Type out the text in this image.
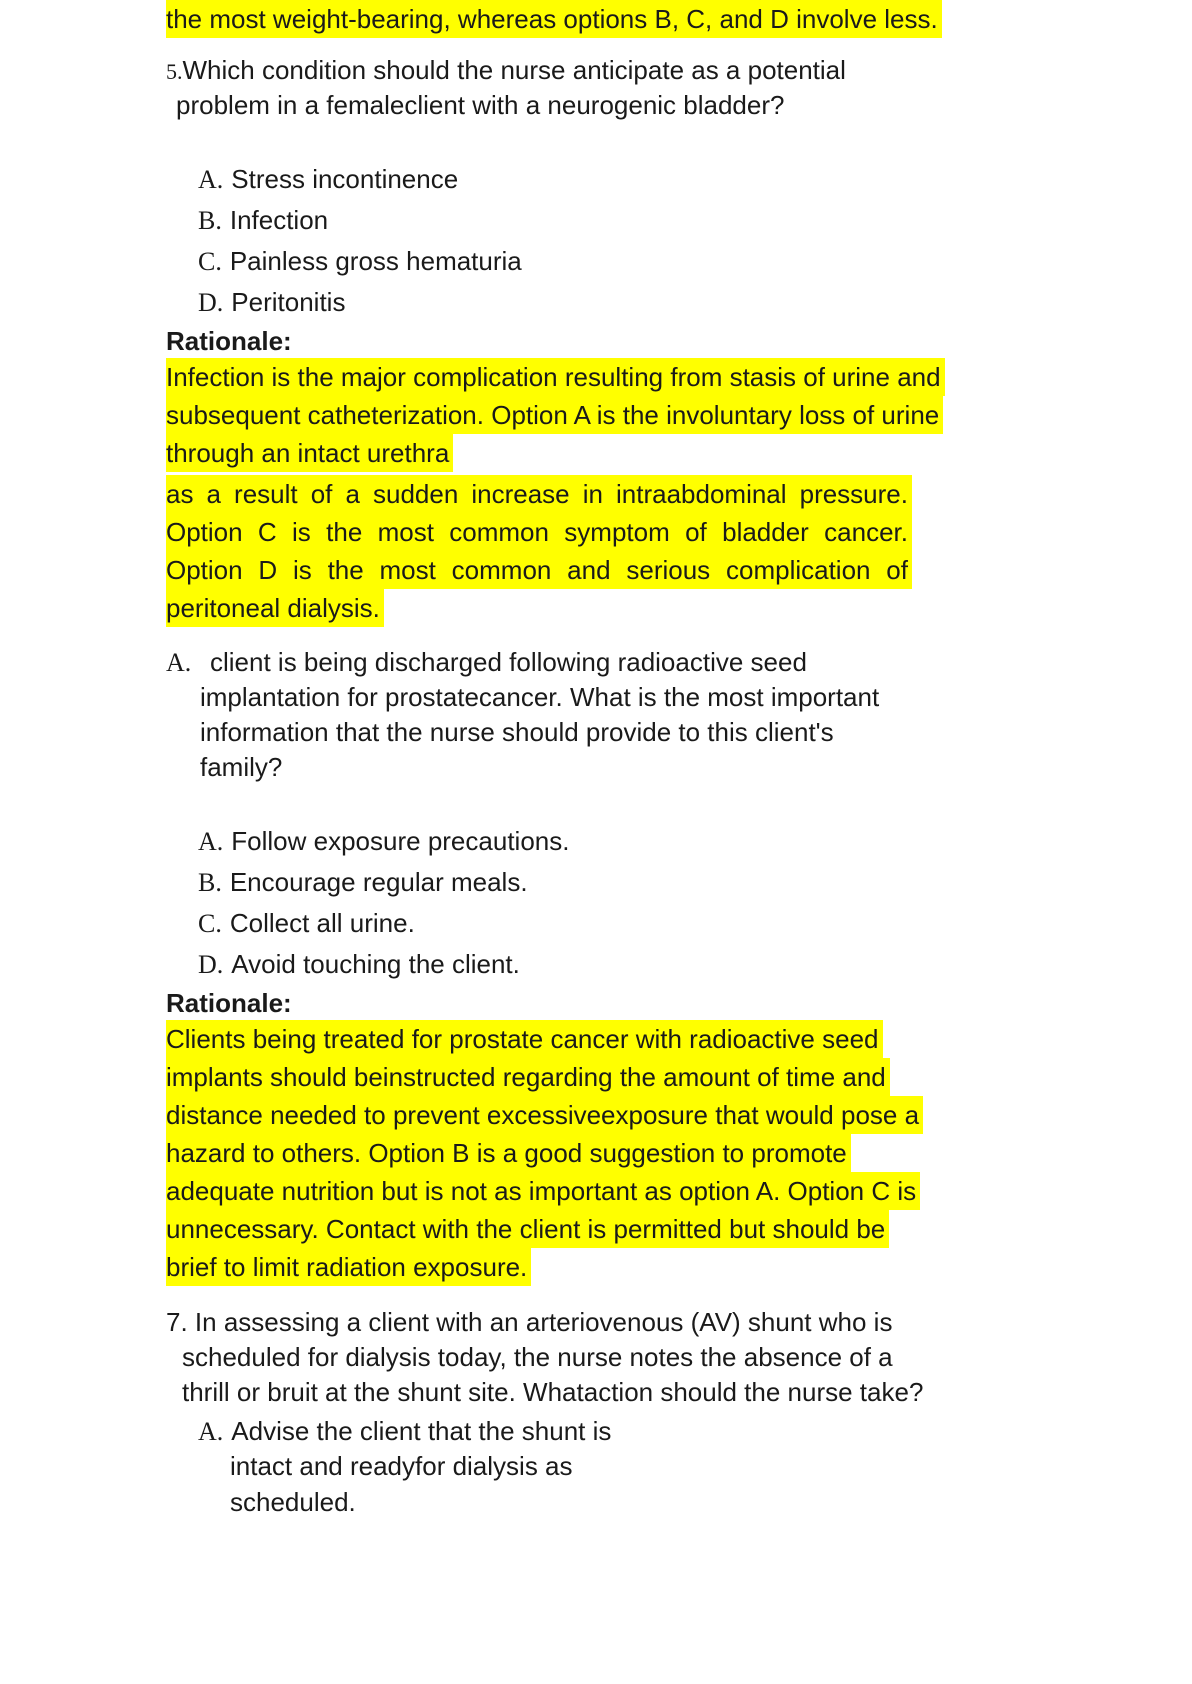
the most weight-bearing, whereas options B, C, and D involve less.
5.Which condition should the nurse anticipate as a potential
problem in a femaleclient with a neurogenic bladder?
A. Stress incontinence
B. Infection
C. Painless gross hematuria
D. Peritonitis
Rationale:
Infection is the major complication resulting from stasis of urine and
subsequent catheterization. Option A is the involuntary loss of urine
through an intact urethra
as a result of a sudden increase in intraabdominal pressure.
Option C is the most common symptom of bladder cancer.
Option D is the most common and serious complication of
peritoneal dialysis.
A. client is being discharged following radioactive seed
implantation for prostatecancer. What is the most important
information that the nurse should provide to this client's
family?
A. Follow exposure precautions.
B. Encourage regular meals.
C. Collect all urine.
D. Avoid touching the client.
Rationale:
Clients being treated for prostate cancer with radioactive seed
implants should beinstructed regarding the amount of time and
distance needed to prevent excessiveexposure that would pose a
hazard to others. Option B is a good suggestion to promote
adequate nutrition but is not as important as option A. Option C is
unnecessary. Contact with the client is permitted but should be
brief to limit radiation exposure.
7. In assessing a client with an arteriovenous (AV) shunt who is
scheduled for dialysis today, the nurse notes the absence of a
thrill or bruit at the shunt site. Whataction should the nurse take?
A. Advise the client that the shunt is
intact and readyfor dialysis as
scheduled.
